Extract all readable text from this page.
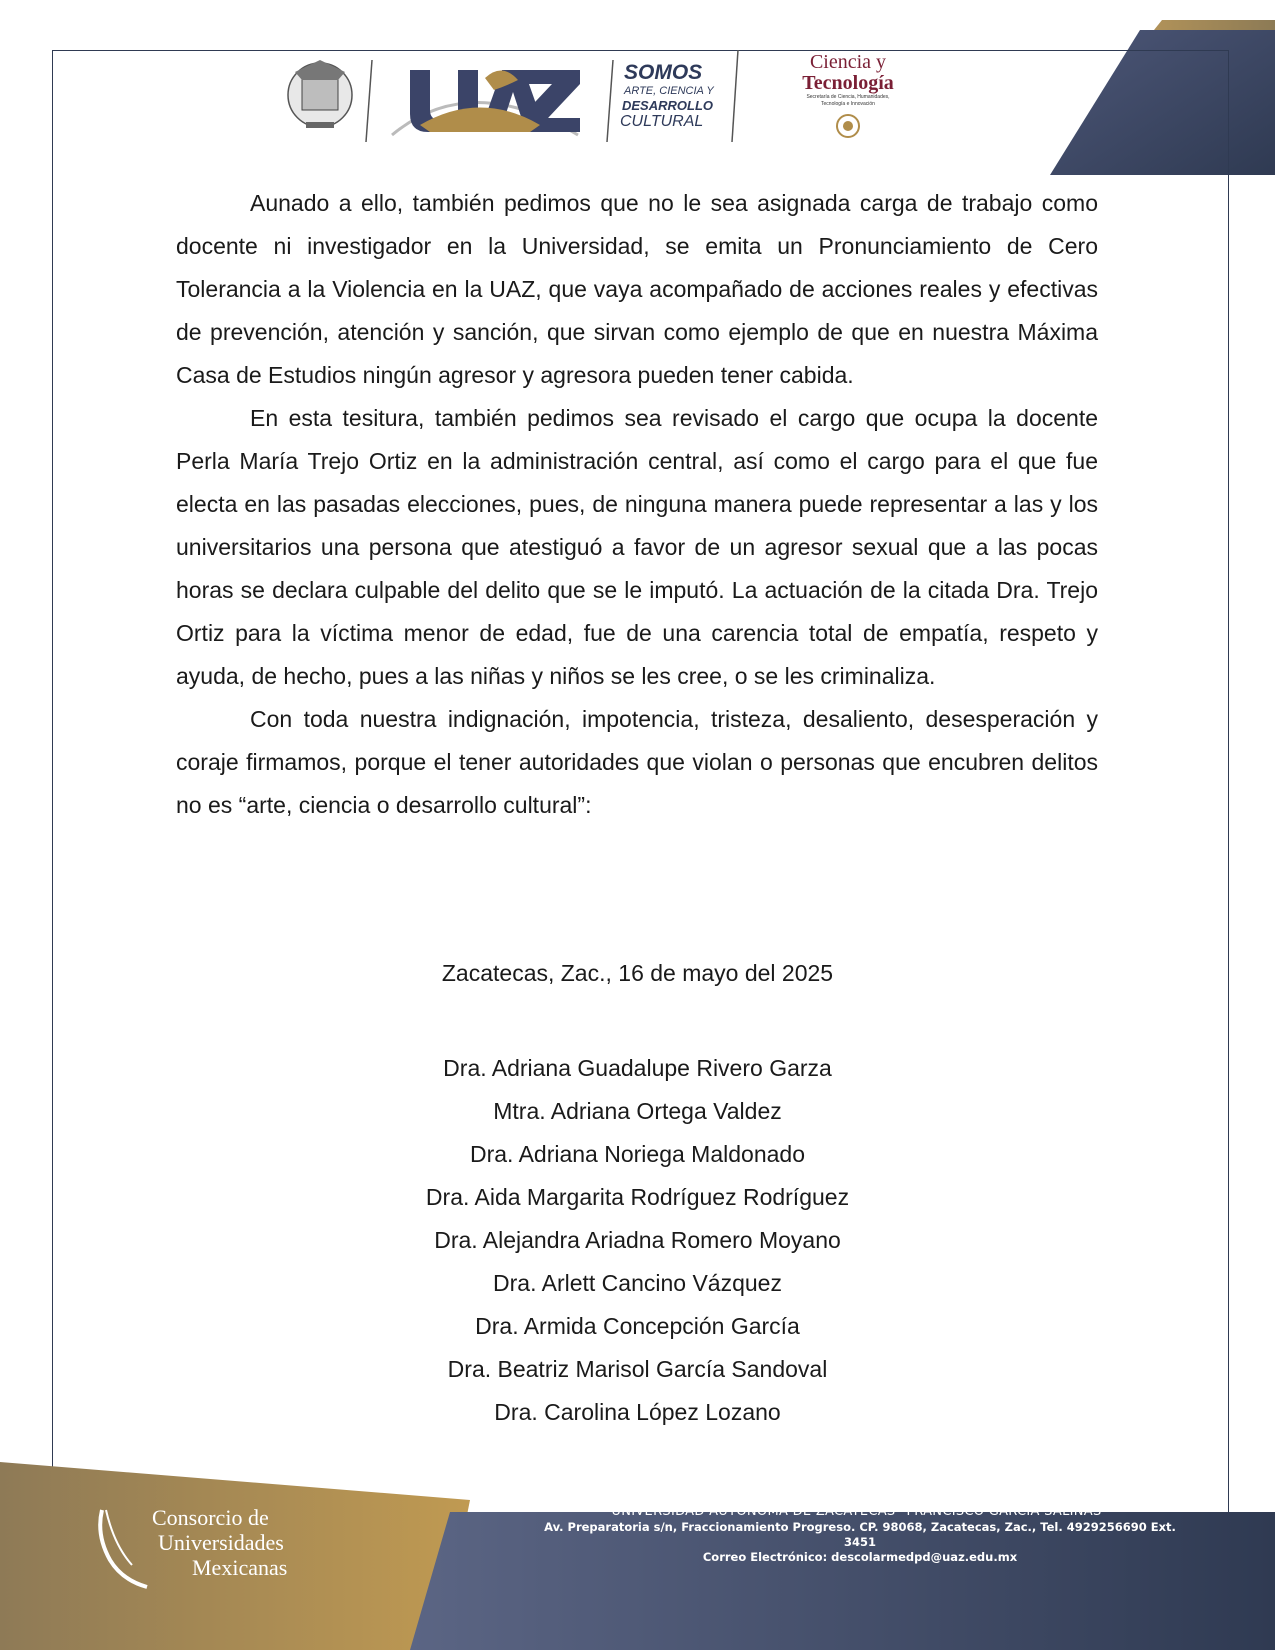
SOMOS
ARTE, CIENCIA Y
DESARROLLO
CULTURAL
Ciencia y
Tecnología
Secretaría de Ciencia, Humanidades,
Tecnología e Innovación

Aunado a ello, también pedimos que no le sea asignada carga de trabajo como docente ni investigador en la Universidad, se emita un Pronunciamiento de Cero Tolerancia a la Violencia en la UAZ, que vaya acompañado de acciones reales y efectivas de prevención, atención y sanción, que sirvan como ejemplo de que en nuestra Máxima Casa de Estudios ningún agresor y agresora pueden tener cabida.

En esta tesitura, también pedimos sea revisado el cargo que ocupa la docente Perla María Trejo Ortiz en la administración central, así como el cargo para el que fue electa en las pasadas elecciones, pues, de ninguna manera puede representar a las y los universitarios una persona que atestiguó a favor de un agresor sexual que a las pocas horas se declara culpable del delito que se le imputó. La actuación de la citada Dra. Trejo Ortiz para la víctima menor de edad, fue de una carencia total de empatía, respeto y ayuda, de hecho, pues a las niñas y niños se les cree, o se les criminaliza.

Con toda nuestra indignación, impotencia, tristeza, desaliento, desesperación y coraje firmamos, porque el tener autoridades que violan o personas que encubren delitos no es “arte, ciencia o desarrollo cultural”:

Zacatecas, Zac., 16 de mayo del 2025
Dra. Adriana Guadalupe Rivero Garza
Mtra. Adriana Ortega Valdez
Dra. Adriana Noriega Maldonado
Dra. Aida Margarita Rodríguez Rodríguez
Dra. Alejandra Ariadna Romero Moyano
Dra. Arlett Cancino Vázquez
Dra. Armida Concepción García
Dra. Beatriz Marisol García Sandoval
Dra. Carolina López Lozano
Consorcio de
Universidades
Mexicanas
UNIVERSIDAD AUTÓNOMA DE ZACATECAS “FRANCISCO GARCÍA SALINAS”
Av. Preparatoria s/n, Fraccionamiento Progreso. CP. 98068, Zacatecas, Zac., Tel. 4929256690 Ext. 3451
Correo Electrónico: descolarmedpd@uaz.edu.mx
